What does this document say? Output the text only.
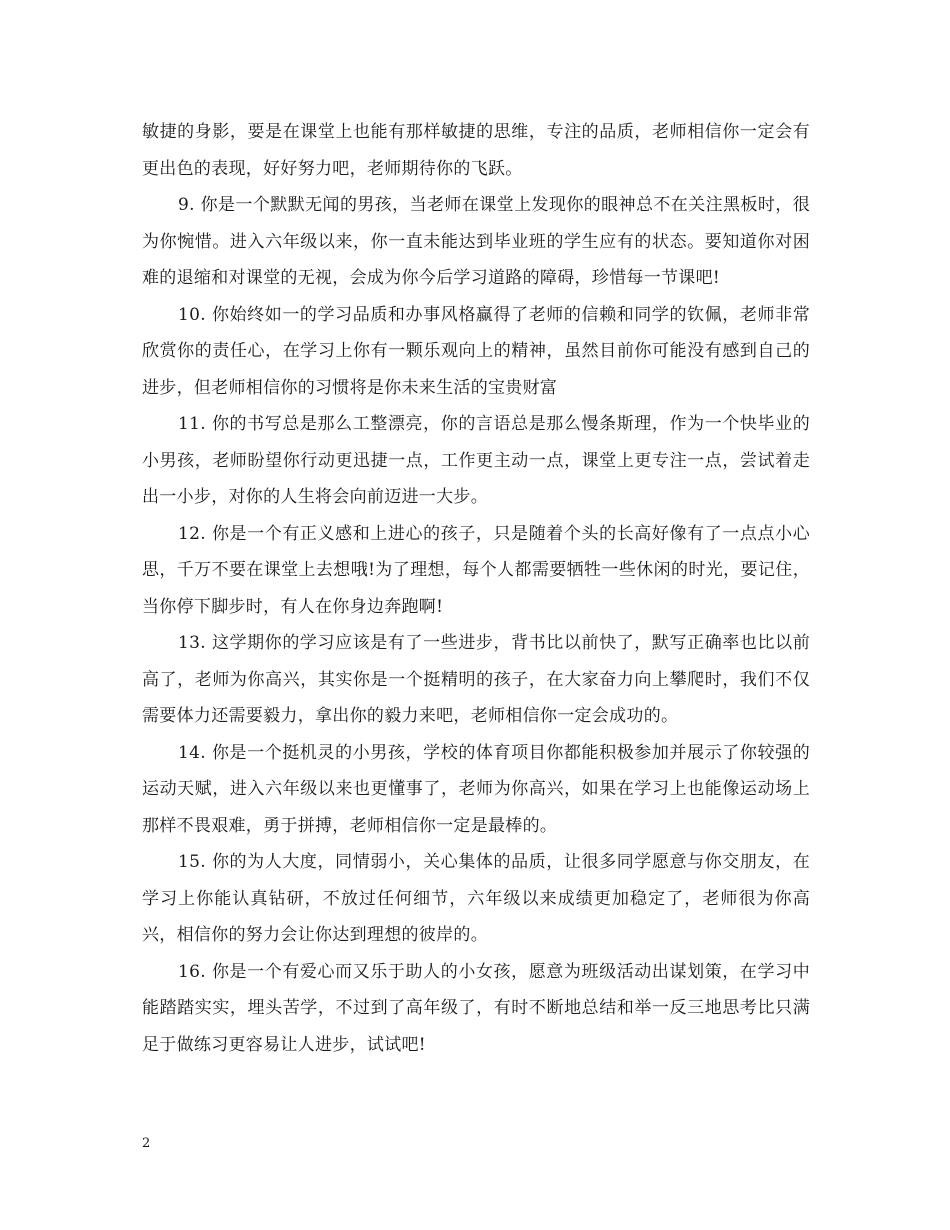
敏捷的身影，要是在课堂上也能有那样敏捷的思维，专注的品质，老师相信你一定会有更出色的表现，好好努力吧，老师期待你的飞跃。

9. 你是一个默默无闻的男孩，当老师在课堂上发现你的眼神总不在关注黑板时，很为你惋惜。进入六年级以来，你一直未能达到毕业班的学生应有的状态。要知道你对困难的退缩和对课堂的无视，会成为你今后学习道路的障碍，珍惜每一节课吧!

10. 你始终如一的学习品质和办事风格赢得了老师的信赖和同学的钦佩，老师非常欣赏你的责任心，在学习上你有一颗乐观向上的精神，虽然目前你可能没有感到自己的进步，但老师相信你的习惯将是你未来生活的宝贵财富

11. 你的书写总是那么工整漂亮，你的言语总是那么慢条斯理，作为一个快毕业的小男孩，老师盼望你行动更迅捷一点，工作更主动一点，课堂上更专注一点，尝试着走出一小步，对你的人生将会向前迈进一大步。

12. 你是一个有正义感和上进心的孩子，只是随着个头的长高好像有了一点点小心思，千万不要在课堂上去想哦!为了理想，每个人都需要牺牲一些休闲的时光，要记住，当你停下脚步时，有人在你身边奔跑啊!

13. 这学期你的学习应该是有了一些进步，背书比以前快了，默写正确率也比以前高了，老师为你高兴，其实你是一个挺精明的孩子，在大家奋力向上攀爬时，我们不仅需要体力还需要毅力，拿出你的毅力来吧，老师相信你一定会成功的。

14. 你是一个挺机灵的小男孩，学校的体育项目你都能积极参加并展示了你较强的运动天赋，进入六年级以来也更懂事了，老师为你高兴，如果在学习上也能像运动场上那样不畏艰难，勇于拼搏，老师相信你一定是最棒的。

15. 你的为人大度，同情弱小，关心集体的品质，让很多同学愿意与你交朋友，在学习上你能认真钻研，不放过任何细节，六年级以来成绩更加稳定了，老师很为你高兴，相信你的努力会让你达到理想的彼岸的。

16. 你是一个有爱心而又乐于助人的小女孩，愿意为班级活动出谋划策，在学习中能踏踏实实，埋头苦学，不过到了高年级了，有时不断地总结和举一反三地思考比只满足于做练习更容易让人进步，试试吧!

2
